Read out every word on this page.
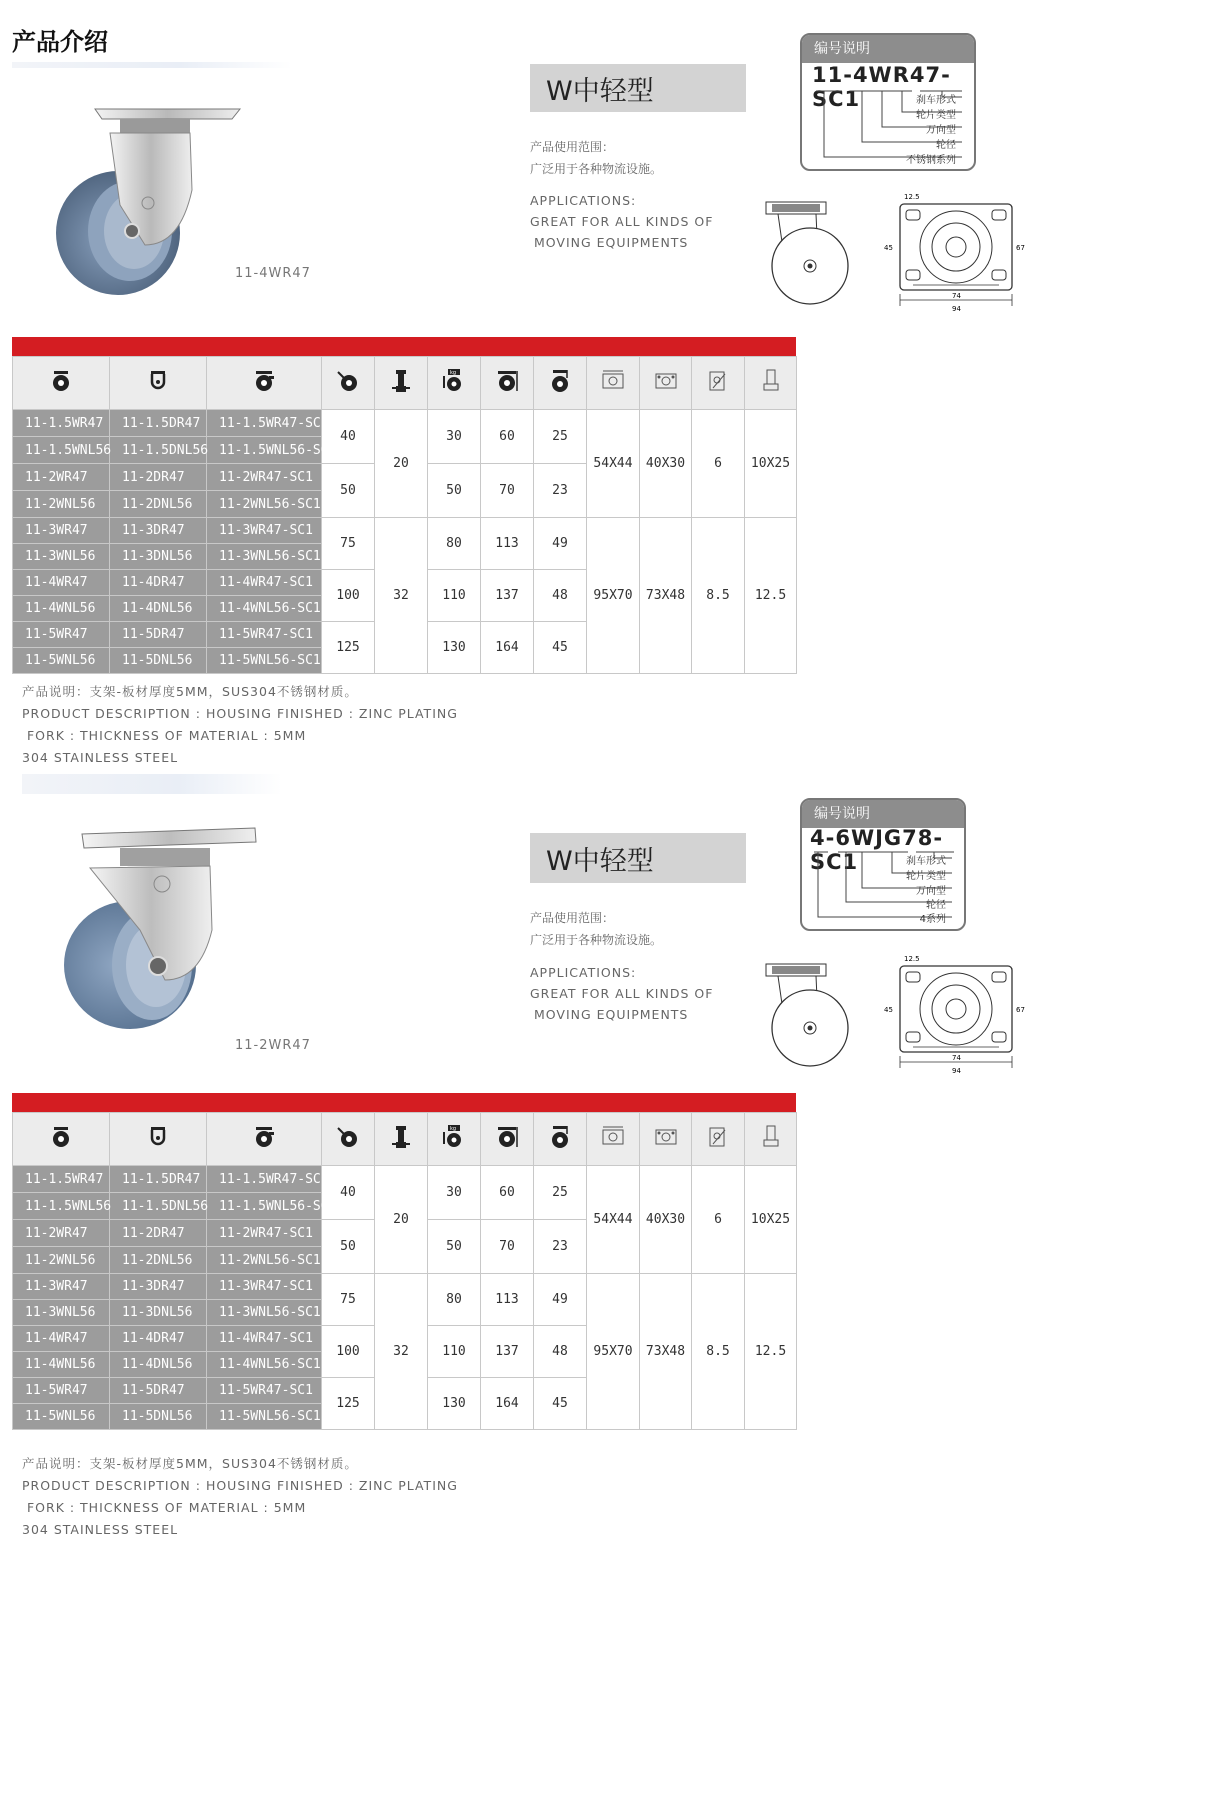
产品介绍
11-4WR47
W中轻型
产品使用范围：
广泛用于各种物流设施。
APPLICATIONS:
GREAT FOR ALL KINDS OF
MOVING EQUIPMENTS
编号说明
11-4WR47-SC1	刹车形式
轮片类型
万向型
轮径
不锈钢系列
74
94
12.5
45	67

kg

11-1.5WR47	11-1.5DR47	11-1.5WR47-SC1	40	20	30	60	25	54X44	40X30	6	10X25
11-1.5WNL56	11-1.5DNL56	11-1.5WNL56-SC1									
11-2WR47	11-2DR47	11-2WR47-SC1	50		50	70	23				
11-2WNL56	11-2DNL56	11-2WNL56-SC1									
11-3WR47	11-3DR47	11-3WR47-SC1	75	32	80	113	49	95X70	73X48	8.5	12.5
11-3WNL56	11-3DNL56	11-3WNL56-SC1									
11-4WR47	11-4DR47	11-4WR47-SC1	100		110	137	48				
11-4WNL56	11-4DNL56	11-4WNL56-SC1									
11-5WR47	11-5DR47	11-5WR47-SC1	125		130	164	45				
11-5WNL56	11-5DNL56	11-5WNL56-SC1									
产品说明：支架-板材厚度5MM，SUS304不锈钢材质。
PRODUCT DESCRIPTION : HOUSING FINISHED : ZINC PLATING
FORK : THICKNESS OF MATERIAL : 5MM
304 STAINLESS STEEL
11-2WR47
W中轻型
产品使用范围：
广泛用于各种物流设施。
APPLICATIONS:
GREAT FOR ALL KINDS OF
MOVING EQUIPMENTS
编号说明
4-6WJG78-SC1	刹车形式
轮片类型
万向型
轮径
4系列
74
94
12.5
45	67

kg

11-1.5WR47	11-1.5DR47	11-1.5WR47-SC1	40	20	30	60	25	54X44	40X30	6	10X25
11-1.5WNL56	11-1.5DNL56	11-1.5WNL56-SC1									
11-2WR47	11-2DR47	11-2WR47-SC1	50		50	70	23				
11-2WNL56	11-2DNL56	11-2WNL56-SC1									
11-3WR47	11-3DR47	11-3WR47-SC1	75	32	80	113	49	95X70	73X48	8.5	12.5
11-3WNL56	11-3DNL56	11-3WNL56-SC1									
11-4WR47	11-4DR47	11-4WR47-SC1	100		110	137	48				
11-4WNL56	11-4DNL56	11-4WNL56-SC1									
11-5WR47	11-5DR47	11-5WR47-SC1	125		130	164	45				
11-5WNL56	11-5DNL56	11-5WNL56-SC1									
产品说明：支架-板材厚度5MM，SUS304不锈钢材质。
PRODUCT DESCRIPTION : HOUSING FINISHED : ZINC PLATING
FORK : THICKNESS OF MATERIAL : 5MM
304 STAINLESS STEEL
